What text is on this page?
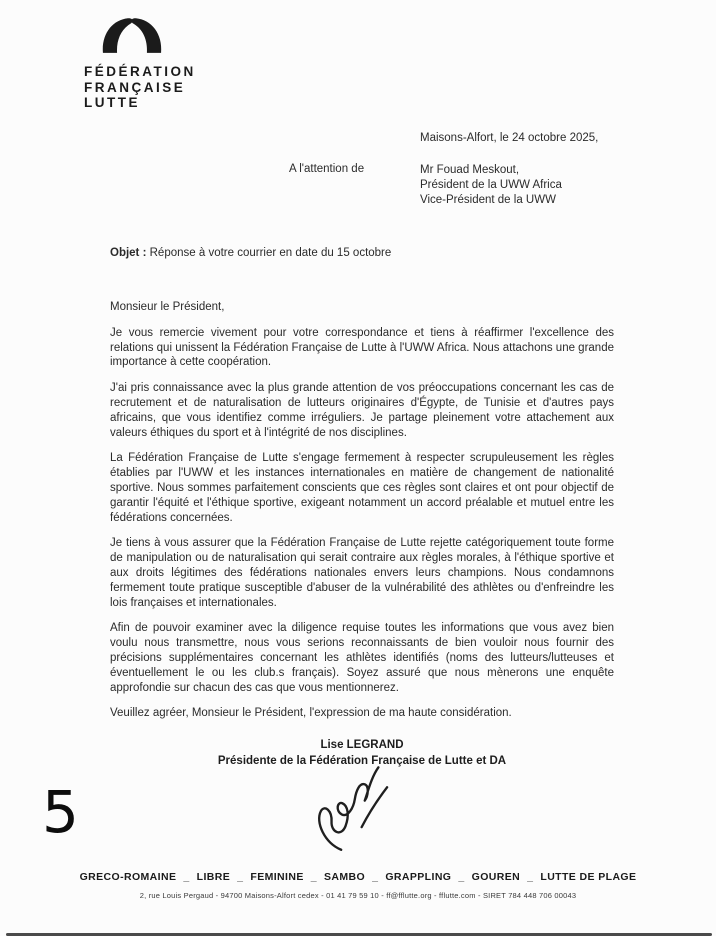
FÉDÉRATION
FRANÇAISE
LUTTE
Maisons-Alfort, le 24 octobre 2025,
A l'attention de	Mr Fouad Meskout,
Président de la UWW Africa
Vice-Président de la UWW
Objet : Réponse à votre courrier en date du 15 octobre

Monsieur le Président,

Je vous remercie vivement pour votre correspondance et tiens à réaffirmer l'excellence des relations qui unissent la Fédération Française de Lutte à l'UWW Africa. Nous attachons une grande importance à cette coopération.

J'ai pris connaissance avec la plus grande attention de vos préoccupations concernant les cas de recrutement et de naturalisation de lutteurs originaires d'Égypte, de Tunisie et d'autres pays africains, que vous identifiez comme irréguliers. Je partage pleinement votre attachement aux valeurs éthiques du sport et à l'intégrité de nos disciplines.

La Fédération Française de Lutte s'engage fermement à respecter scrupuleusement les règles établies par l'UWW et les instances internationales en matière de changement de nationalité sportive. Nous sommes parfaitement conscients que ces règles sont claires et ont pour objectif de garantir l'équité et l'éthique sportive, exigeant notamment un accord préalable et mutuel entre les fédérations concernées.

Je tiens à vous assurer que la Fédération Française de Lutte rejette catégoriquement toute forme de manipulation ou de naturalisation qui serait contraire aux règles morales, à l'éthique sportive et aux droits légitimes des fédérations nationales envers leurs champions. Nous condamnons fermement toute pratique susceptible d'abuser de la vulnérabilité des athlètes ou d'enfreindre les lois françaises et internationales.

Afin de pouvoir examiner avec la diligence requise toutes les informations que vous avez bien voulu nous transmettre, nous vous serions reconnaissants de bien vouloir nous fournir des précisions supplémentaires concernant les athlètes identifiés (noms des lutteurs/lutteuses et éventuellement le ou les club.s français). Soyez assuré que nous mènerons une enquête approfondie sur chacun des cas que vous mentionnerez.

Veuillez agréer, Monsieur le Président, l'expression de ma haute considération.

Lise LEGRAND
Présidente de la Fédération Française de Lutte et DA
5
GRECO-ROMAINE _ LIBRE _ FEMININE _ SAMBO _ GRAPPLING _ GOUREN _ LUTTE DE PLAGE
2, rue Louis Pergaud - 94700 Maisons-Alfort cedex - 01 41 79 59 10 - ff@fflutte.org - fflutte.com - SIRET 784 448 706 00043
